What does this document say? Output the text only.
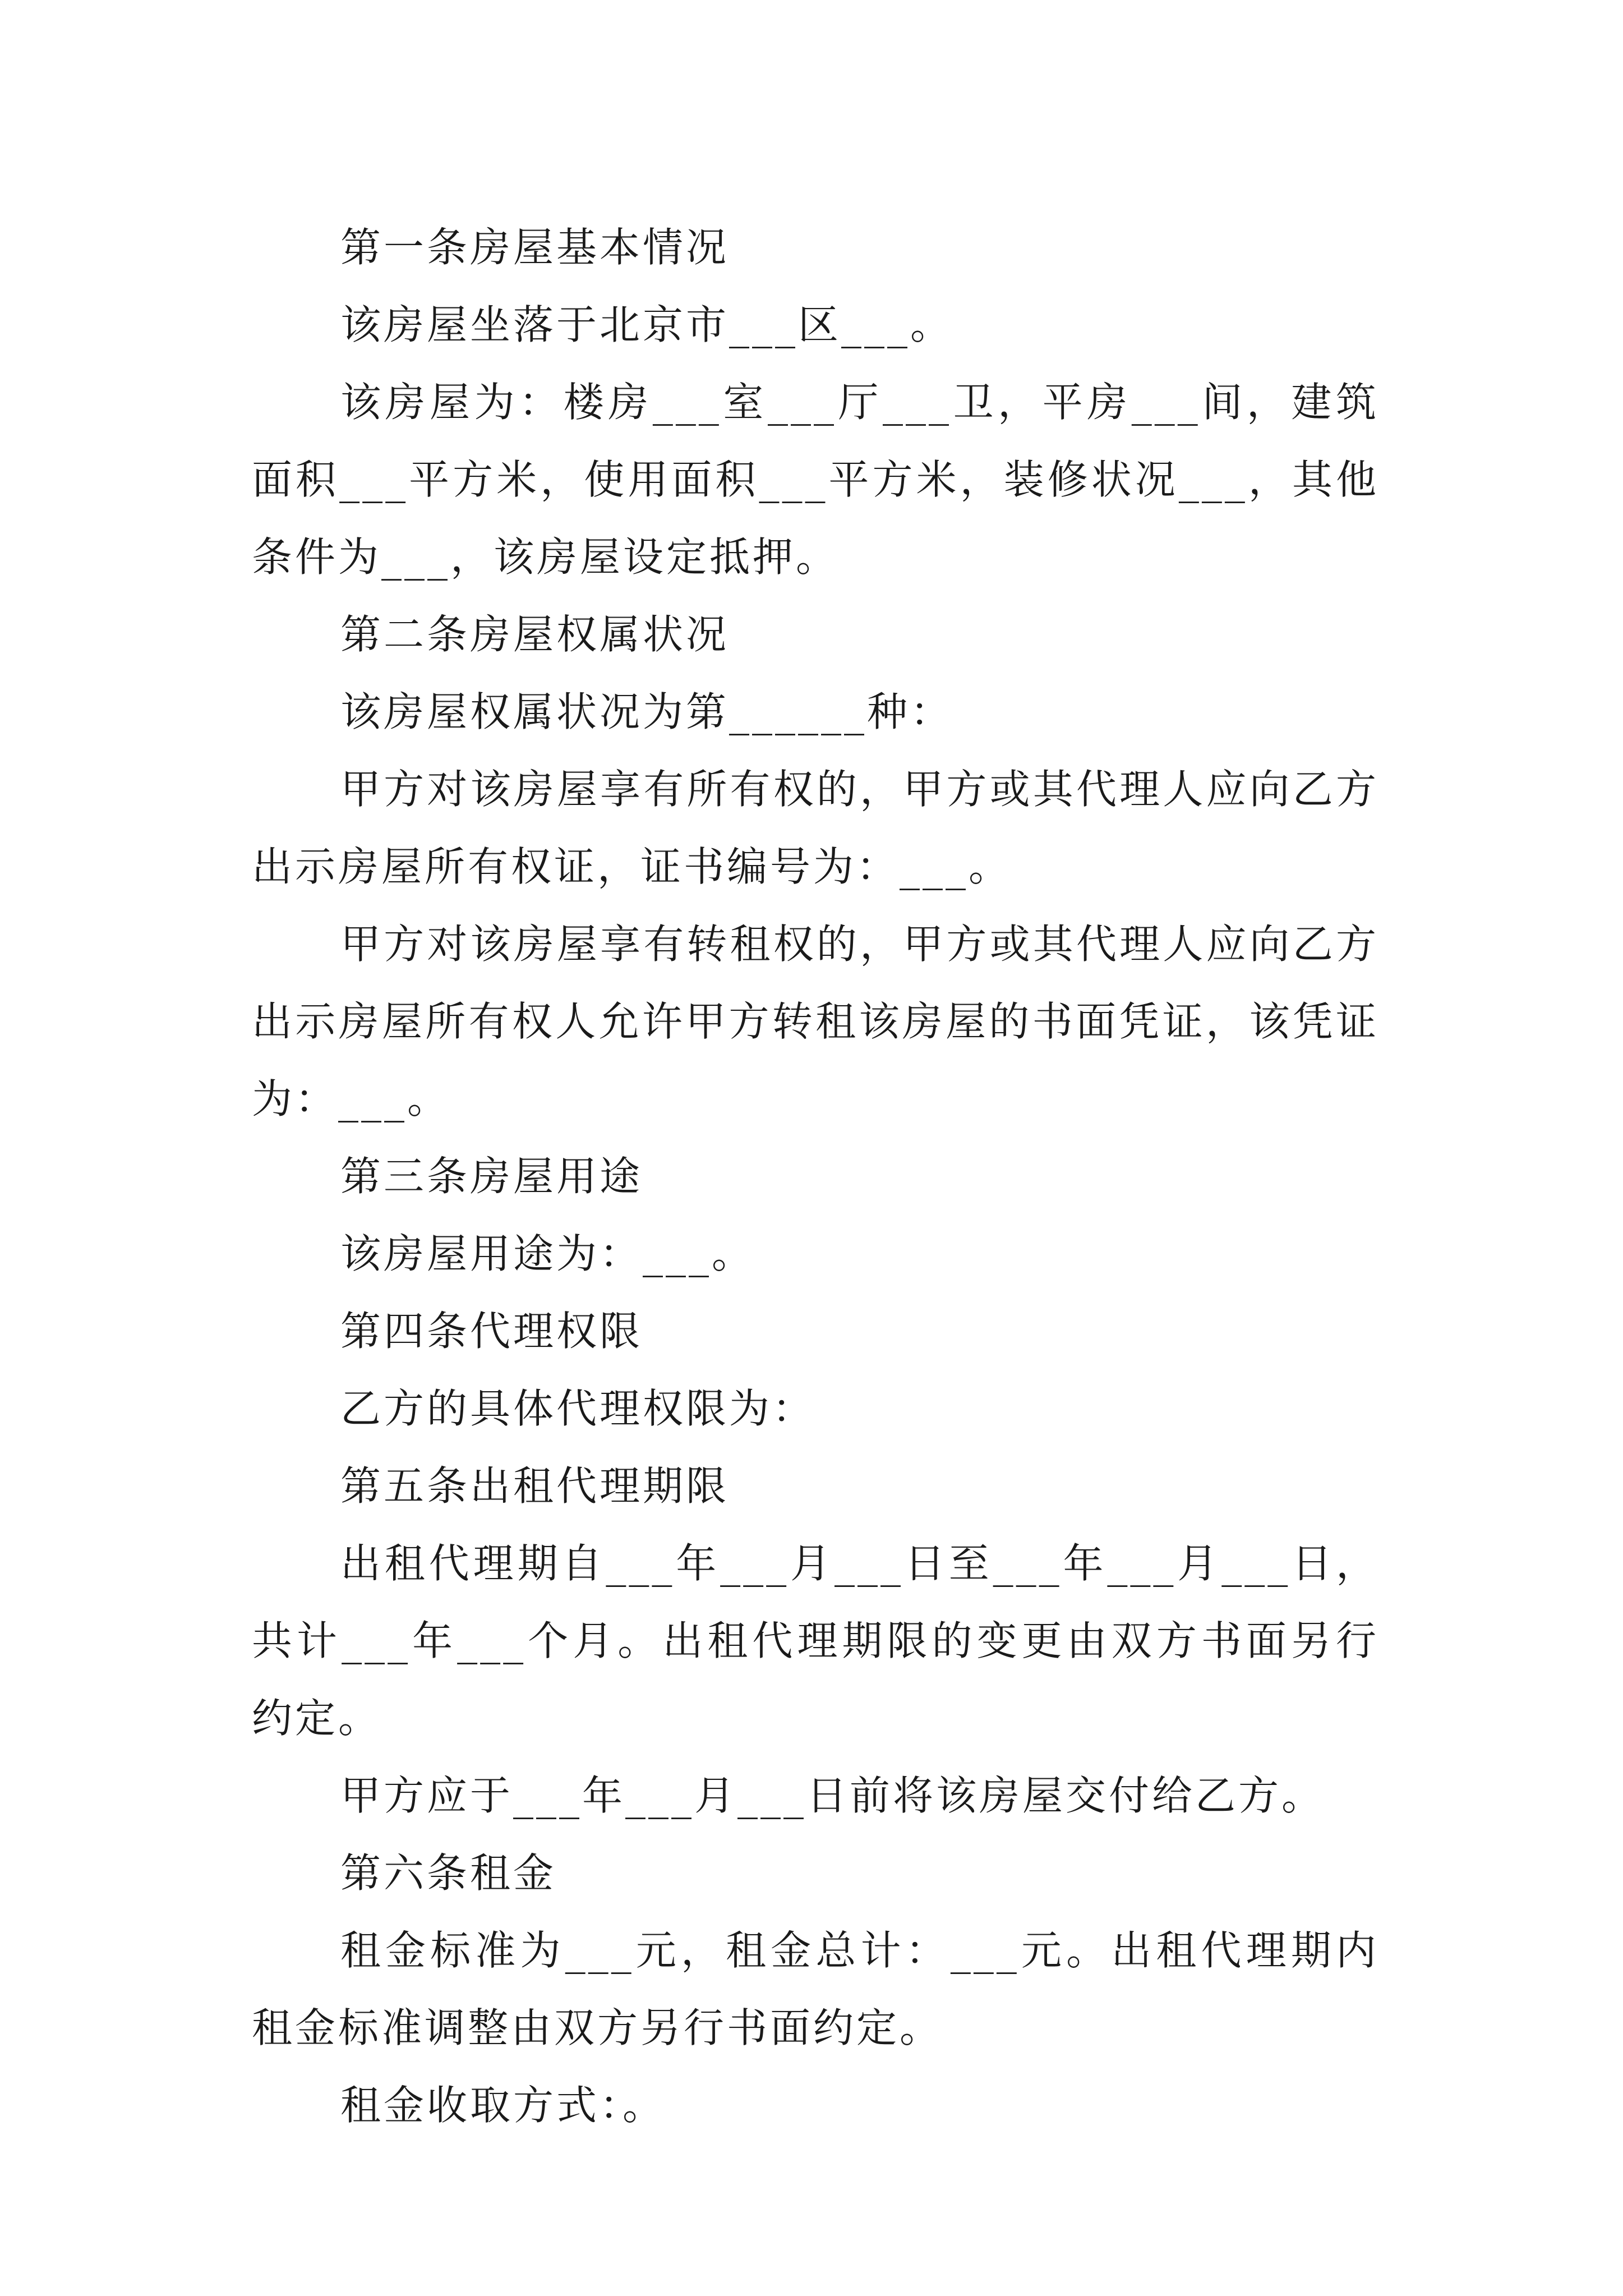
第一条房屋基本情况

该房屋坐落于北京市___区___。

该房屋为：楼房___室___厅___卫，平房___间，建筑面积___平方米，使用面积___平方米，装修状况___，其他条件为___，该房屋设定抵押。

第二条房屋权属状况

该房屋权属状况为第______种：

甲方对该房屋享有所有权的，甲方或其代理人应向乙方出示房屋所有权证，证书编号为：___。

甲方对该房屋享有转租权的，甲方或其代理人应向乙方出示房屋所有权人允许甲方转租该房屋的书面凭证，该凭证为：___。

第三条房屋用途

该房屋用途为：___。

第四条代理权限

乙方的具体代理权限为：

第五条出租代理期限

出租代理期自___年___月___日至___年___月___日，共计___年___个月。出租代理期限的变更由双方书面另行约定。

甲方应于___年___月___日前将该房屋交付给乙方。

第六条租金

租金标准为___元，租金总计：___元。出租代理期内租金标准调整由双方另行书面约定。

租金收取方式：。
